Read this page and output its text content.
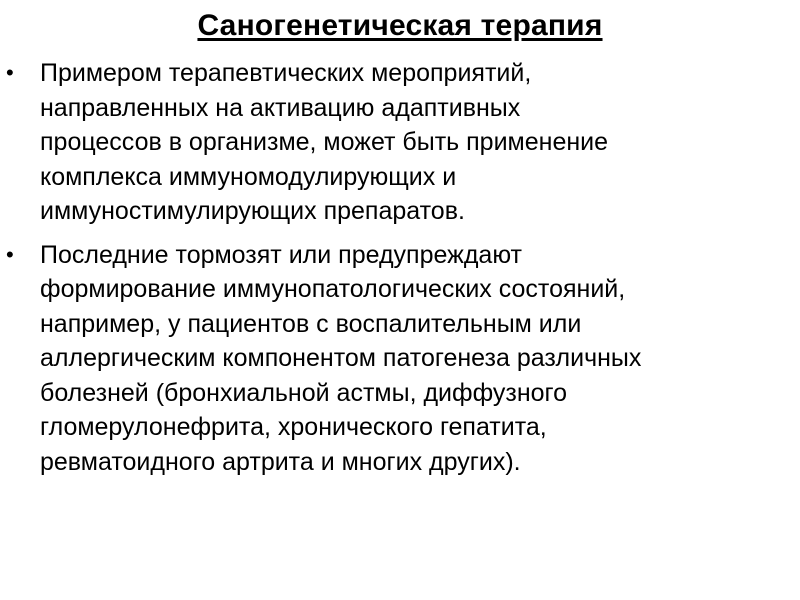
Саногенетическая терапия
•	Примером терапевтических мероприятий,
направленных на активацию адаптивных
процессов в организме, может быть применение
комплекса иммуномодулирующих и
иммуностимулирующих препаратов.
•	Последние тормозят или предупреждают
формирование иммунопатологических состояний,
например, у пациентов с воспалительным или
аллергическим компонентом патогенеза различных
болезней (бронхиальной астмы, диффузного
гломерулонефрита, хронического гепатита,
ревматоидного артрита и многих других).
